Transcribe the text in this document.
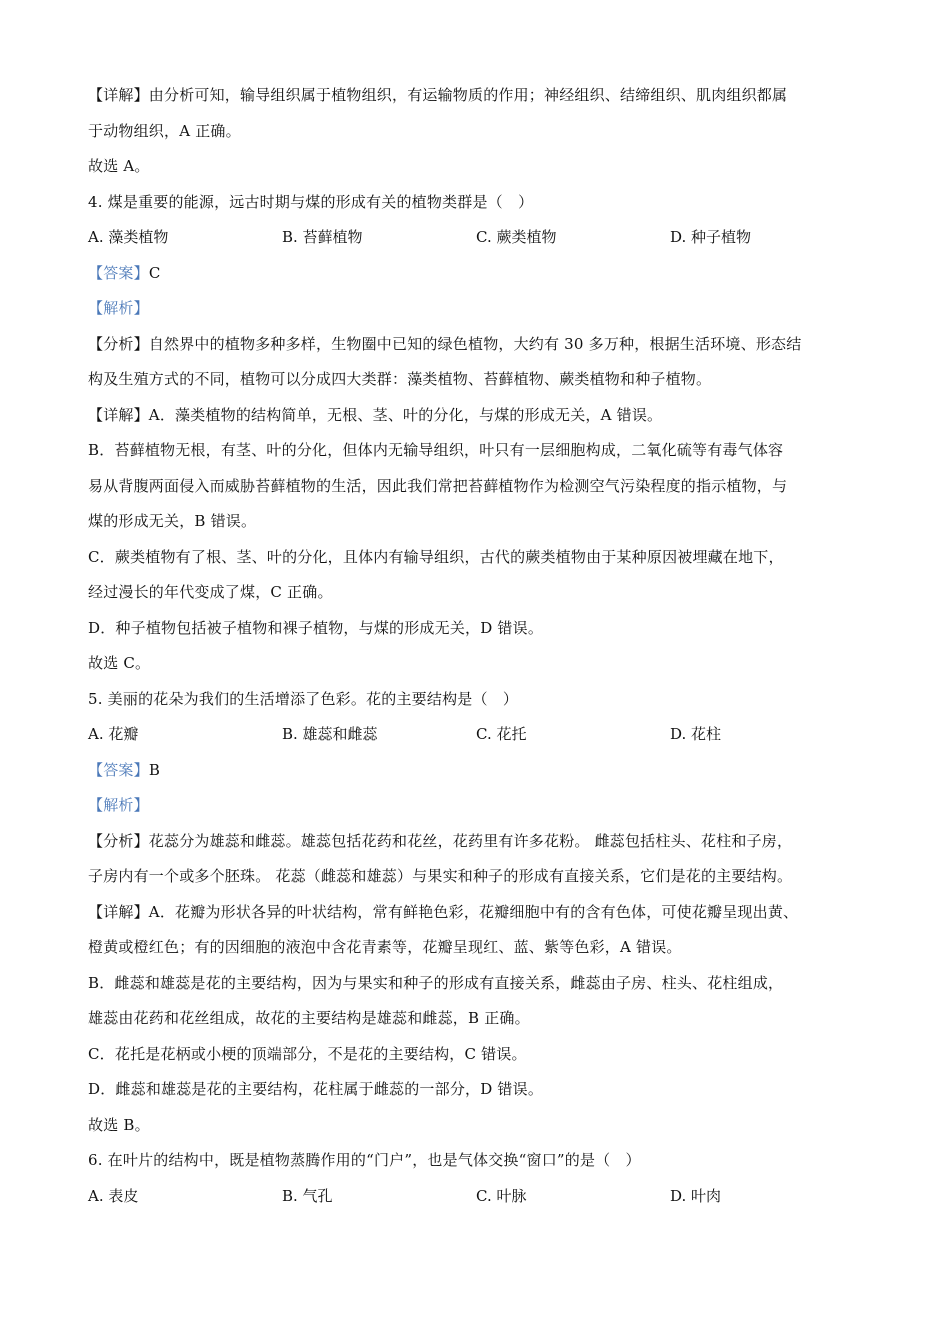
【详解】由分析可知，输导组织属于植物组织，有运输物质的作用；神经组织、结缔组织、肌肉组织都属
于动物组织，A 正确。
故选 A。
4. 煤是重要的能源，远古时期与煤的形成有关的植物类群是（　）
A. 藻类植物	B. 苔藓植物	C. 蕨类植物	D. 种子植物
【答案】C
【解析】
【分析】自然界中的植物多种多样，生物圈中已知的绿色植物，大约有 30 多万种，根据生活环境、形态结
构及生殖方式的不同，植物可以分成四大类群：藻类植物、苔藓植物、蕨类植物和种子植物。
【详解】A．藻类植物的结构简单，无根、茎、叶的分化，与煤的形成无关，A 错误。
B．苔藓植物无根，有茎、叶的分化，但体内无输导组织，叶只有一层细胞构成，二氧化硫等有毒气体容
易从背腹两面侵入而威胁苔藓植物的生活，因此我们常把苔藓植物作为检测空气污染程度的指示植物，与
煤的形成无关，B 错误。
C．蕨类植物有了根、茎、叶的分化，且体内有输导组织，古代的蕨类植物由于某种原因被埋藏在地下，
经过漫长的年代变成了煤，C 正确。
D．种子植物包括被子植物和裸子植物，与煤的形成无关，D 错误。
故选 C。
5. 美丽的花朵为我们的生活增添了色彩。花的主要结构是（　）
A. 花瓣	B. 雄蕊和雌蕊	C. 花托	D. 花柱
【答案】B
【解析】
【分析】花蕊分为雄蕊和雌蕊。雄蕊包括花药和花丝，花药里有许多花粉。 雌蕊包括柱头、花柱和子房，
子房内有一个或多个胚珠。 花蕊（雌蕊和雄蕊）与果实和种子的形成有直接关系，它们是花的主要结构。
【详解】A．花瓣为形状各异的叶状结构，常有鲜艳色彩，花瓣细胞中有的含有色体，可使花瓣呈现出黄、
橙黄或橙红色；有的因细胞的液泡中含花青素等，花瓣呈现红、蓝、紫等色彩，A 错误。
B．雌蕊和雄蕊是花的主要结构，因为与果实和种子的形成有直接关系，雌蕊由子房、柱头、花柱组成，
雄蕊由花药和花丝组成，故花的主要结构是雄蕊和雌蕊，B 正确。
C．花托是花柄或小梗的顶端部分，不是花的主要结构，C 错误。
D．雌蕊和雄蕊是花的主要结构，花柱属于雌蕊的一部分，D 错误。
故选 B。
6. 在叶片的结构中，既是植物蒸腾作用的“门户”，也是气体交换“窗口”的是（　）
A. 表皮	B. 气孔	C. 叶脉	D. 叶肉
